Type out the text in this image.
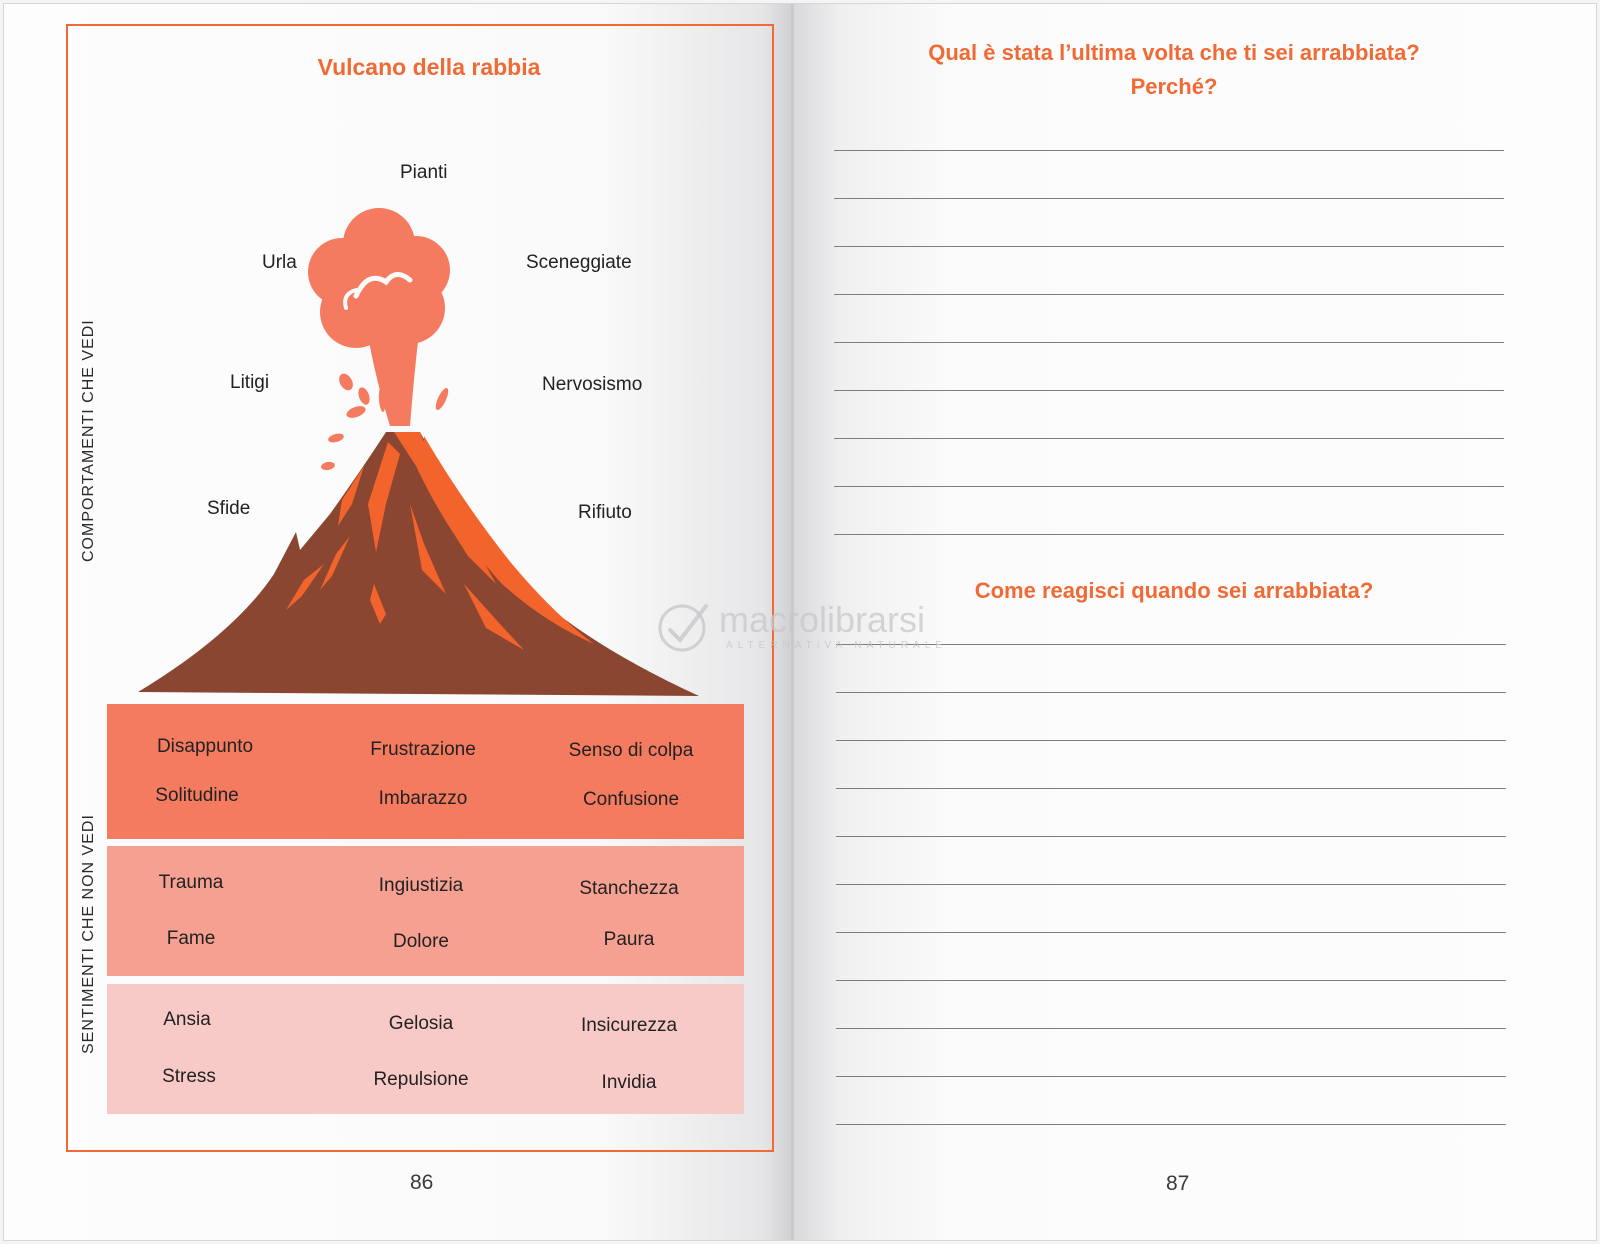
Vulcano della rabbia
COMPORTAMENTI CHE VEDI
SENTIMENTI CHE NON VEDI
Pianti
Urla	Sceneggiate
Litigi	Nervosismo
Sfide	Rifiuto
Disappunto	Frustrazione	Senso di colpa
Solitudine	Imbarazzo	Confusione
Trauma	Ingiustizia	Stanchezza
Fame	Dolore	Paura
Ansia	Gelosia	Insicurezza
Stress	Repulsione	Invidia
86
Qual è stata l’ultima volta che ti sei arrabbiata?
Perché?
Come reagisci quando sei arrabbiata?
87
macrolibrarsi
ALTERNATIVA NATURALE
